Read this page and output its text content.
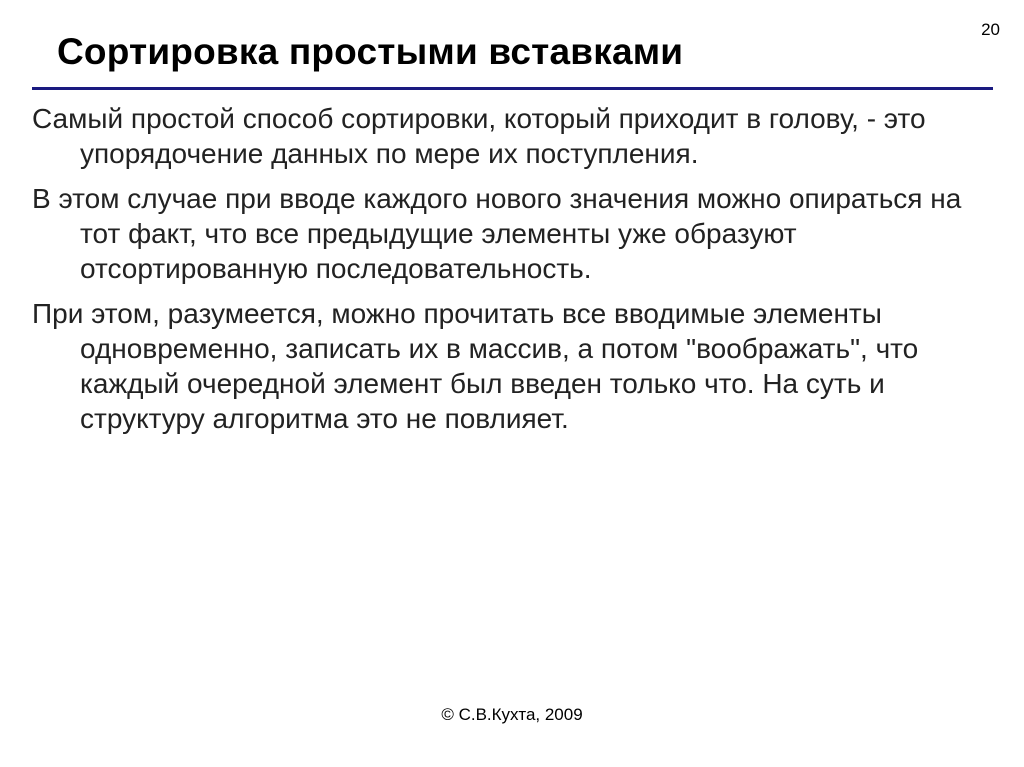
20
Сортировка простыми вставками

Самый простой способ сортировки, который приходит в голову, - это упорядочение данных по мере их поступления.

В этом случае при вводе каждого нового значения можно опираться на тот факт, что все предыдущие элементы уже образуют отсортированную последовательность.

При этом, разумеется, можно прочитать все вводимые элементы одновременно, записать их в массив, а потом "воображать", что каждый очередной элемент был введен только что. На суть и структуру алгоритма это не повлияет.

© С.В.Кухта, 2009
